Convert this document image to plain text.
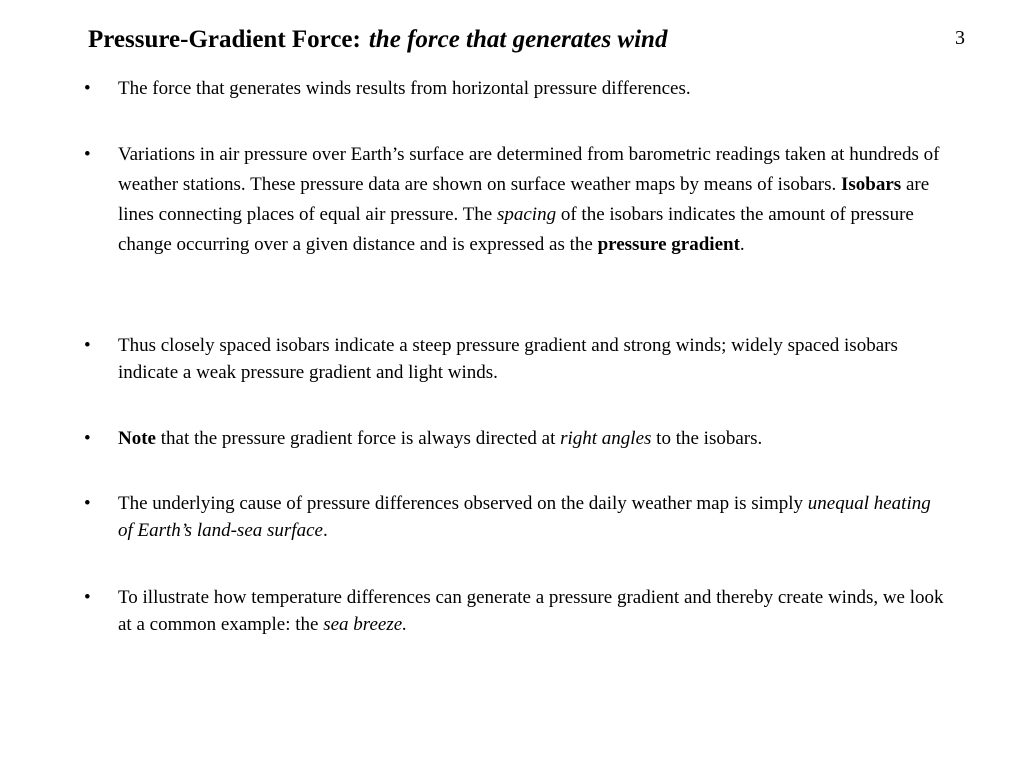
Pressure-Gradient Force: the force that generates wind	3
• The force that generates winds results from horizontal pressure differences.
• Variations in air pressure over Earth’s surface are determined from barometric readings taken at hundreds of weather stations. These pressure data are shown on surface weather maps by means of isobars. Isobars are lines connecting places of equal air pressure. The spacing of the isobars indicates the amount of pressure change occurring over a given distance and is expressed as the pressure gradient.
• Thus closely spaced isobars indicate a steep pressure gradient and strong winds; widely spaced isobars indicate a weak pressure gradient and light winds.
• Note that the pressure gradient force is always directed at right angles to the isobars.
• The underlying cause of pressure differences observed on the daily weather map is simply unequal heating of Earth’s land-sea surface.
• To illustrate how temperature differences can generate a pressure gradient and thereby create winds, we look at a common example: the sea breeze.
